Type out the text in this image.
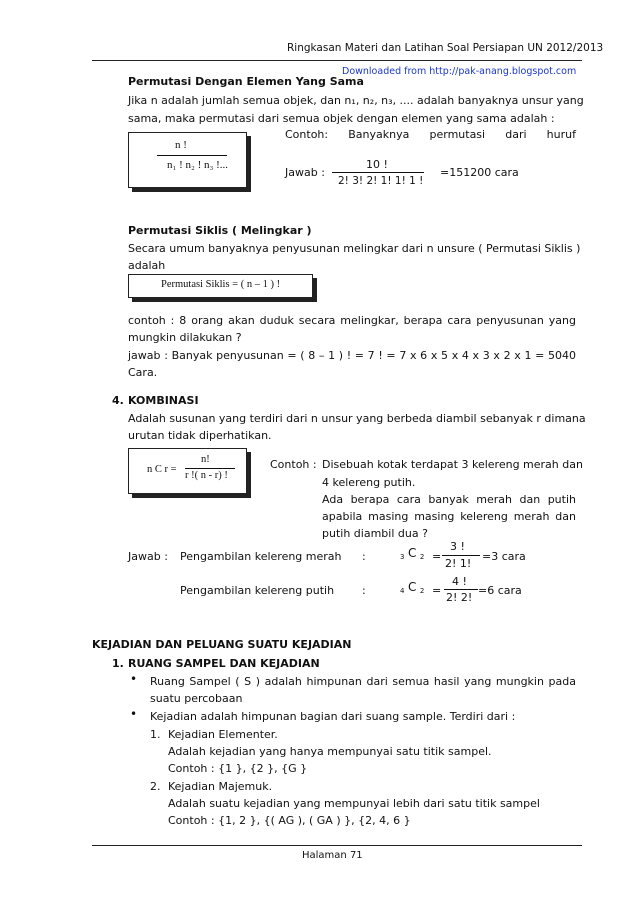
Ringkasan Materi dan Latihan Soal Persiapan UN 2012/2013
Downloaded from http://pak-anang.blogspot.com
Permutasi Dengan Elemen Yang Sama
Jika n adalah jumlah semua objek, dan n₁, n₂, n₃, .... adalah banyaknya unsur yang
sama, maka permutasi dari semua objek dengan elemen yang sama adalah :
n !
n₁ ! n₂ ! n₃ !...
Contoh: Banyaknya permutasi dari huruf
Jawab :
10 !
2! 3! 2! 1! 1! 1 !
=151200 cara
Permutasi Siklis ( Melingkar )
Secara umum banyaknya penyusunan melingkar dari n unsure ( Permutasi Siklis )
adalah
Permutasi Siklis = ( n – 1 ) !
contoh : 8 orang akan duduk secara melingkar, berapa cara penyusunan yang
mungkin dilakukan ?
jawab : Banyak penyusunan = ( 8 – 1 ) ! = 7 ! = 7 x 6 x 5 x 4 x 3 x 2 x 1 = 5040
Cara.
4. KOMBINASI
Adalah susunan yang terdiri dari n unsur yang berbeda diambil sebanyak r dimana
urutan tidak diperhatikan.
n C r =
n!
r !( n - r) !
Contoh : Disebuah kotak terdapat 3 kelereng merah dan
4 kelereng putih.
Ada berapa cara banyak merah dan putih
apabila masing masing kelereng merah dan
putih diambil dua ?
Jawab : Pengambilan kelereng merah :	$_3$ C $_2$ =
3 !
2! 1!
=3 cara
Pengambilan kelereng putih	:	$_4$ C $_2$ =
4 !
2! 2!
=6 cara
KEJADIAN DAN PELUANG SUATU KEJADIAN
1. RUANG SAMPEL DAN KEJADIAN
• Ruang Sampel ( S ) adalah himpunan dari semua hasil yang mungkin pada
suatu percobaan
• Kejadian adalah himpunan bagian dari suang sample. Terdiri dari :
1. Kejadian Elementer.
Adalah kejadian yang hanya mempunyai satu titik sampel.
Contoh : {1 }, {2 }, {G }
2. Kejadian Majemuk.
Adalah suatu kejadian yang mempunyai lebih dari satu titik sampel
Contoh : {1, 2 }, {( AG ), ( GA ) }, {2, 4, 6 }
Halaman 71
